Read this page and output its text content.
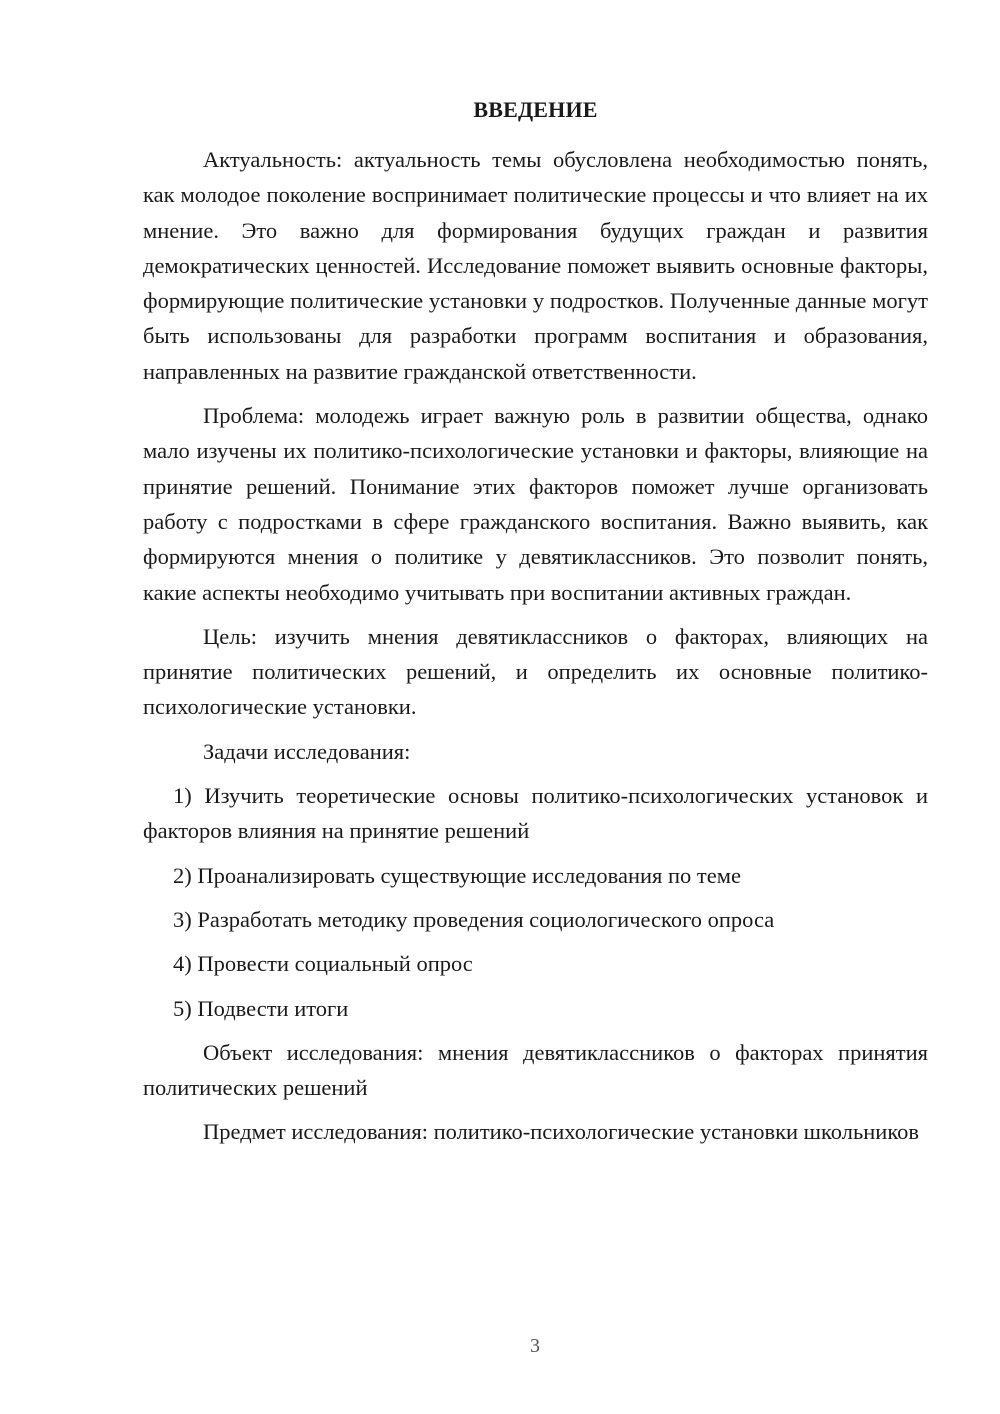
ВВЕДЕНИЕ

Актуальность: актуальность темы обусловлена необходимостью понять, как молодое поколение воспринимает политические процессы и что влияет на их мнение. Это важно для формирования будущих граждан и развития демократических ценностей. Исследование поможет выявить основные факторы, формирующие политические установки у подростков. Полученные данные могут быть использованы для разработки программ воспитания и образования, направленных на развитие гражданской ответственности.

Проблема: молодежь играет важную роль в развитии общества, однако мало изучены их политико-психологические установки и факторы, влияющие на принятие решений. Понимание этих факторов поможет лучше организовать работу с подростками в сфере гражданского воспитания. Важно выявить, как формируются мнения о политике у девятиклассников. Это позволит понять, какие аспекты необходимо учитывать при воспитании активных граждан.

Цель: изучить мнения девятиклассников о факторах, влияющих на принятие политических решений, и определить их основные политико-психологические установки.

Задачи исследования:

1) Изучить теоретические основы политико-психологических установок и факторов влияния на принятие решений

2) Проанализировать существующие исследования по теме

3) Разработать методику проведения социологического опроса

4) Провести социальный опрос

5) Подвести итоги

Объект исследования: мнения девятиклассников о факторах принятия политических решений

Предмет исследования: политико-психологические установки школьников

3
